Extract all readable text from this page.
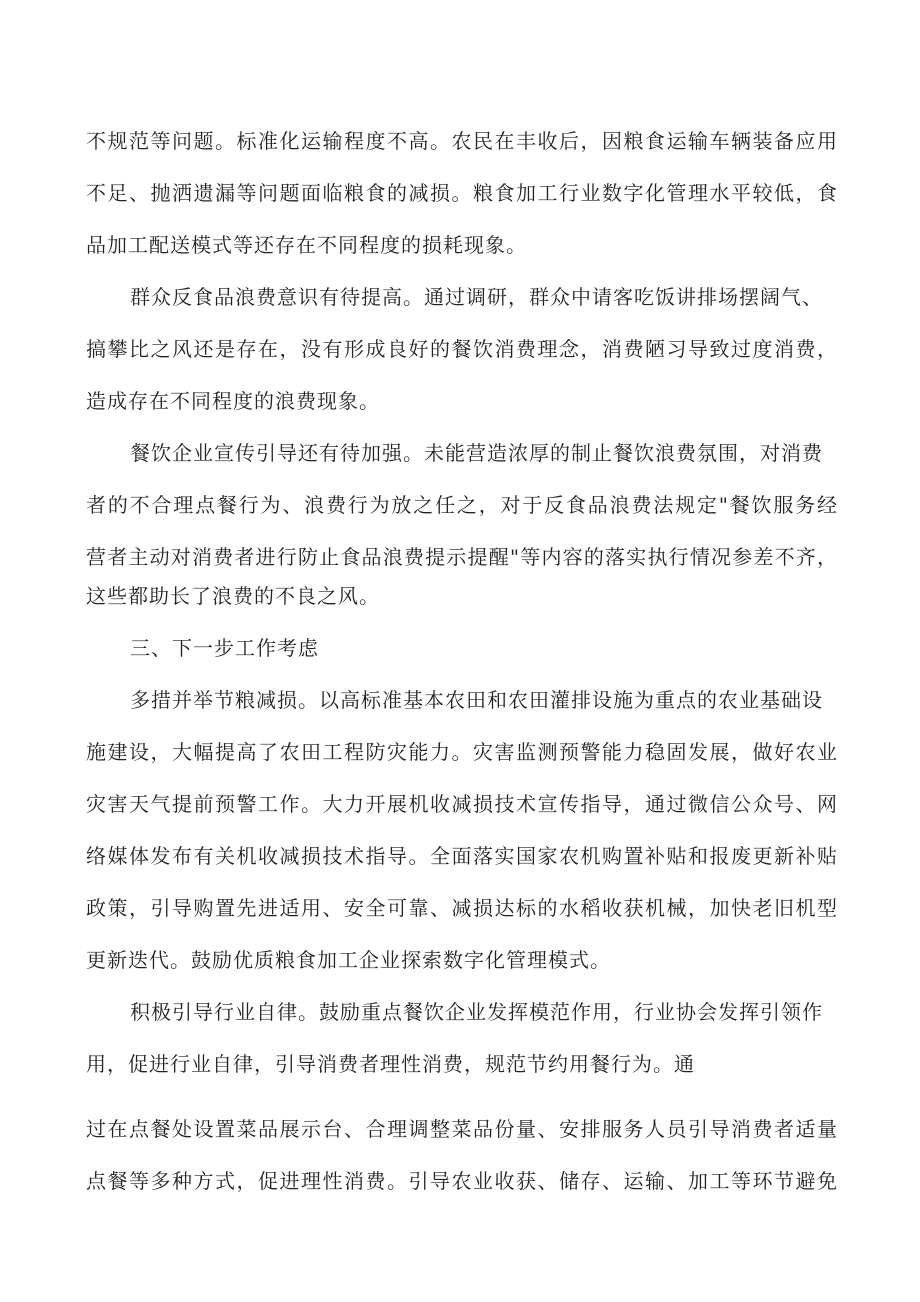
不规范等问题。标准化运输程度不高。农民在丰收后，因粮食运输车辆装备应用
不足、抛洒遗漏等问题面临粮食的减损。粮食加工行业数字化管理水平较低，食
品加工配送模式等还存在不同程度的损耗现象。
群众反食品浪费意识有待提高。通过调研，群众中请客吃饭讲排场摆阔气、
搞攀比之风还是存在，没有形成良好的餐饮消费理念，消费陋习导致过度消费，
造成存在不同程度的浪费现象。
餐饮企业宣传引导还有待加强。未能营造浓厚的制止餐饮浪费氛围，对消费
者的不合理点餐行为、浪费行为放之任之，对于反食品浪费法规定"餐饮服务经
营者主动对消费者进行防止食品浪费提示提醒"等内容的落实执行情况参差不齐，
这些都助长了浪费的不良之风。
三、下一步工作考虑
多措并举节粮减损。以高标准基本农田和农田灌排设施为重点的农业基础设
施建设，大幅提高了农田工程防灾能力。灾害监测预警能力稳固发展，做好农业
灾害天气提前预警工作。大力开展机收减损技术宣传指导，通过微信公众号、网
络媒体发布有关机收减损技术指导。全面落实国家农机购置补贴和报废更新补贴
政策，引导购置先进适用、安全可靠、减损达标的水稻收获机械，加快老旧机型
更新迭代。鼓励优质粮食加工企业探索数字化管理模式。
积极引导行业自律。鼓励重点餐饮企业发挥模范作用，行业协会发挥引领作
用，促进行业自律，引导消费者理性消费，规范节约用餐行为。通
过在点餐处设置菜品展示台、合理调整菜品份量、安排服务人员引导消费者适量
点餐等多种方式，促进理性消费。引导农业收获、储存、运输、加工等环节避免
